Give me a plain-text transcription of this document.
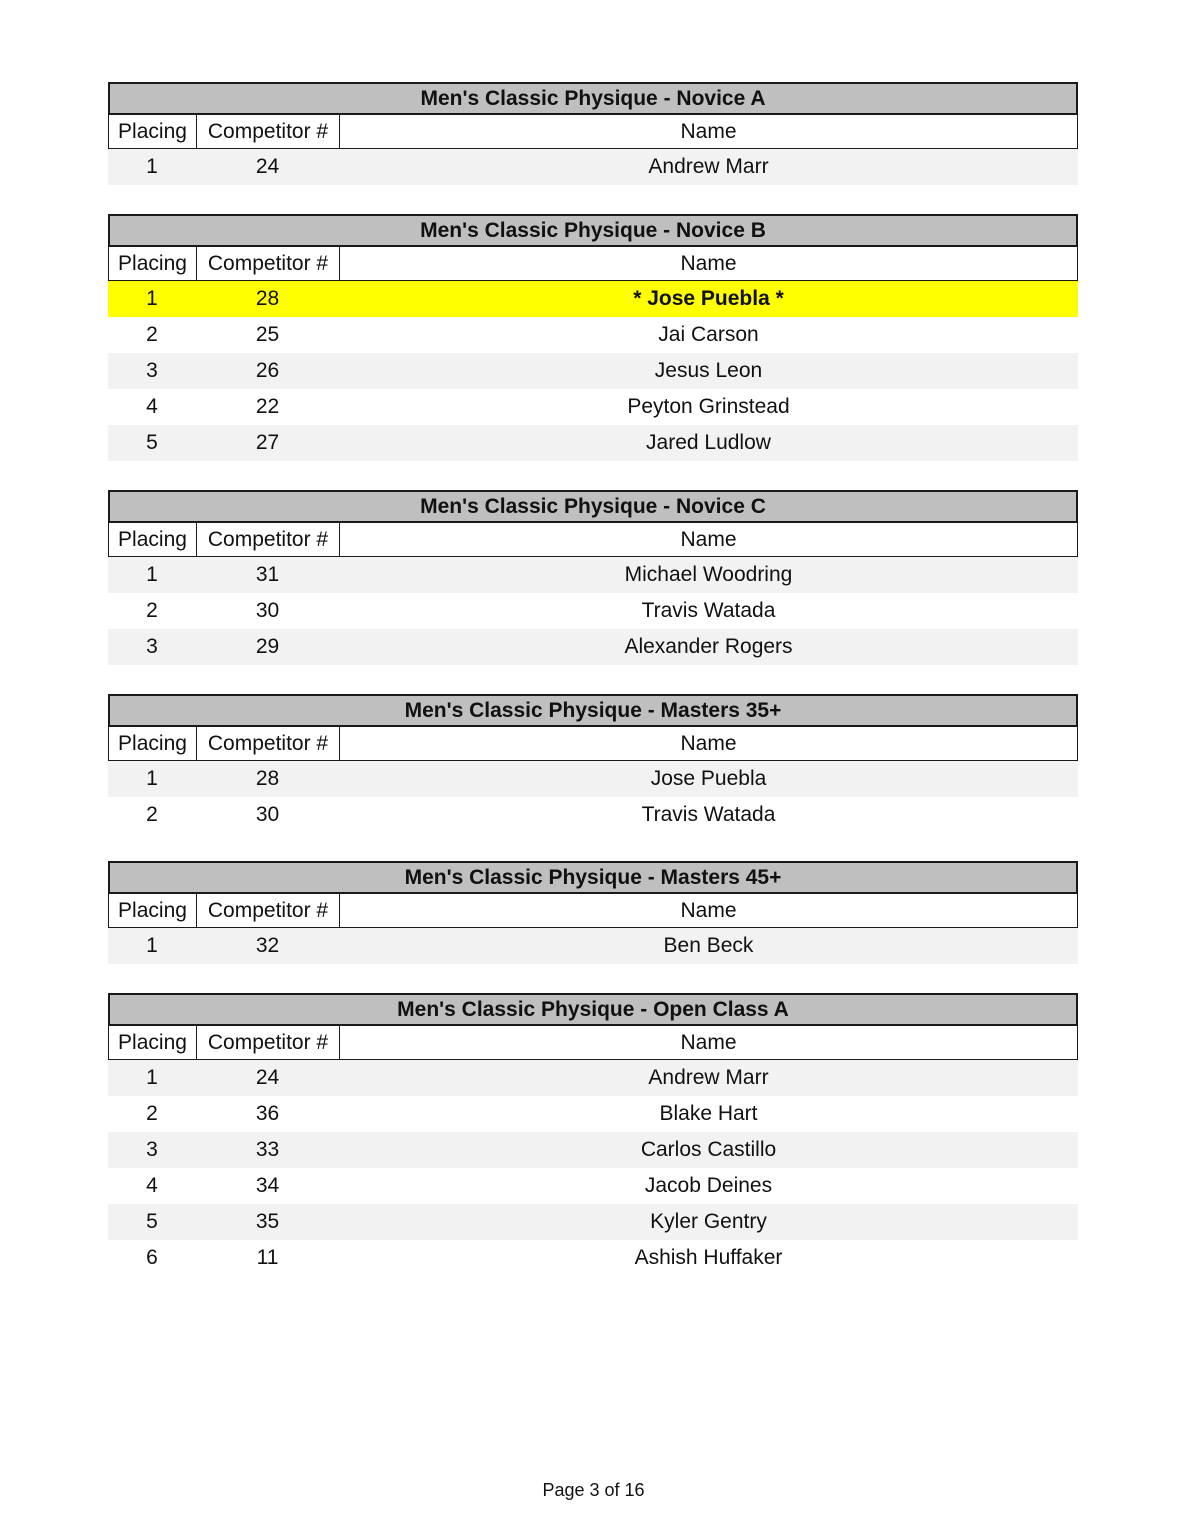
Men's Classic Physique - Novice A
Placing Competitor #	Name
1	24	Andrew Marr
Men's Classic Physique - Novice B
Placing Competitor #	Name
1	28	* Jose Puebla *
2	25	Jai Carson
3	26	Jesus Leon
4	22	Peyton Grinstead
5	27	Jared Ludlow
Men's Classic Physique - Novice C
Placing Competitor #	Name
1	31	Michael Woodring
2	30	Travis Watada
3	29	Alexander Rogers
Men's Classic Physique - Masters 35+
Placing Competitor #	Name
1	28	Jose Puebla
2	30	Travis Watada
Men's Classic Physique - Masters 45+
Placing Competitor #	Name
1	32	Ben Beck
Men's Classic Physique - Open Class A
Placing Competitor #	Name
1	24	Andrew Marr
2	36	Blake Hart
3	33	Carlos Castillo
4	34	Jacob Deines
5	35	Kyler Gentry
6	11	Ashish Huffaker
Page 3 of 16
